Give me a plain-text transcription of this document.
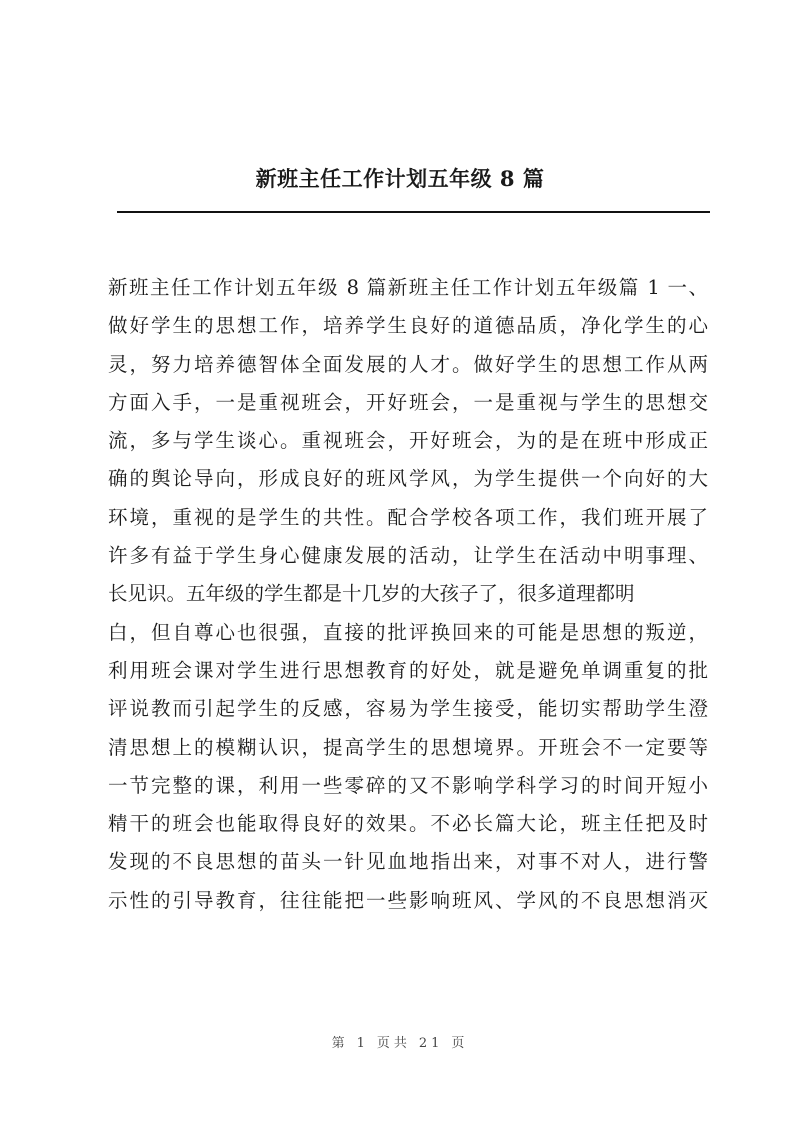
新班主任工作计划五年级 8 篇
新班主任工作计划五年级 8 篇新班主任工作计划五年级篇 1 一、
做好学生的思想工作，培养学生良好的道德品质，净化学生的心
灵，努力培养德智体全面发展的人才。做好学生的思想工作从两
方面入手，一是重视班会，开好班会，一是重视与学生的思想交
流，多与学生谈心。重视班会，开好班会，为的是在班中形成正
确的舆论导向，形成良好的班风学风，为学生提供一个向好的大
环境，重视的是学生的共性。配合学校各项工作，我们班开展了
许多有益于学生身心健康发展的活动，让学生在活动中明事理、
长见识。五年级的学生都是十几岁的大孩子了，很多道理都明
白，但自尊心也很强，直接的批评换回来的可能是思想的叛逆，
利用班会课对学生进行思想教育的好处，就是避免单调重复的批
评说教而引起学生的反感，容易为学生接受，能切实帮助学生澄
清思想上的模糊认识，提高学生的思想境界。开班会不一定要等
一节完整的课，利用一些零碎的又不影响学科学习的时间开短小
精干的班会也能取得良好的效果。不必长篇大论，班主任把及时
发现的不良思想的苗头一针见血地指出来，对事不对人，进行警
示性的引导教育，往往能把一些影响班风、学风的不良思想消灭
第 1 页共 21 页
